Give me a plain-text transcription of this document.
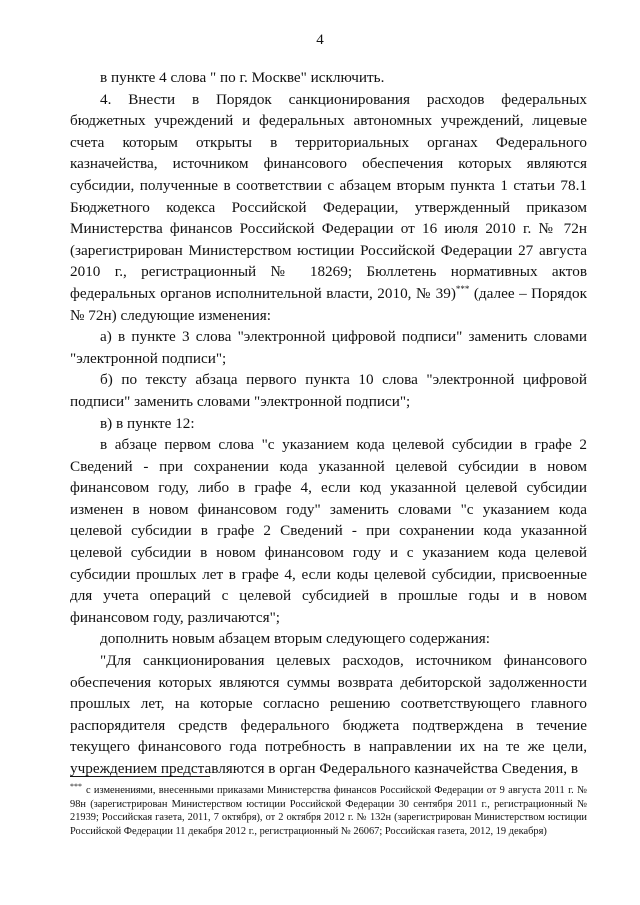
4

в пункте 4 слова " по г. Москве" исключить.

4. Внести в Порядок санкционирования расходов федеральных бюджетных учреждений и федеральных автономных учреждений, лицевые счета которым открыты в территориальных органах Федерального казначейства, источником финансового обеспечения которых являются субсидии, полученные в соответствии с абзацем вторым пункта 1 статьи 78.1 Бюджетного кодекса Российской Федерации, утвержденный приказом Министерства финансов Российской Федерации от 16 июля 2010 г. № 72н (зарегистрирован Министерством юстиции Российской Федерации 27 августа 2010 г., регистрационный № 18269; Бюллетень нормативных актов федеральных органов исполнительной власти, 2010, № 39)*** (далее – Порядок № 72н) следующие изменения:

а) в пункте 3 слова "электронной цифровой подписи" заменить словами "электронной подписи";

б) по тексту абзаца первого пункта 10 слова "электронной цифровой подписи" заменить словами "электронной подписи";

в) в пункте 12:

в абзаце первом слова "с указанием кода целевой субсидии в графе 2 Сведений - при сохранении кода указанной целевой субсидии в новом финансовом году, либо в графе 4, если код указанной целевой субсидии изменен в новом финансовом году" заменить словами "с указанием кода целевой субсидии в графе 2 Сведений - при сохранении кода указанной целевой субсидии в новом финансовом году и с указанием кода целевой субсидии прошлых лет в графе 4, если коды целевой субсидии, присвоенные для учета операций с целевой субсидией в прошлые годы и в новом финансовом году, различаются";

дополнить новым абзацем вторым следующего содержания:

"Для санкционирования целевых расходов, источником финансового обеспечения которых являются суммы возврата дебиторской задолженности прошлых лет, на которые согласно решению соответствующего главного распорядителя средств федерального бюджета подтверждена в течение текущего финансового года потребность в направлении их на те же цели, учреждением представляются в орган Федерального казначейства Сведения, в

*** с изменениями, внесенными приказами Министерства финансов Российской Федерации от 9 августа 2011 г. № 98н (зарегистрирован Министерством юстиции Российской Федерации 30 сентября 2011 г., регистрационный № 21939; Российская газета, 2011, 7 октября), от 2 октября 2012 г. № 132н (зарегистрирован Министерством юстиции Российской Федерации 11 декабря 2012 г., регистрационный № 26067; Российская газета, 2012, 19 декабря)
